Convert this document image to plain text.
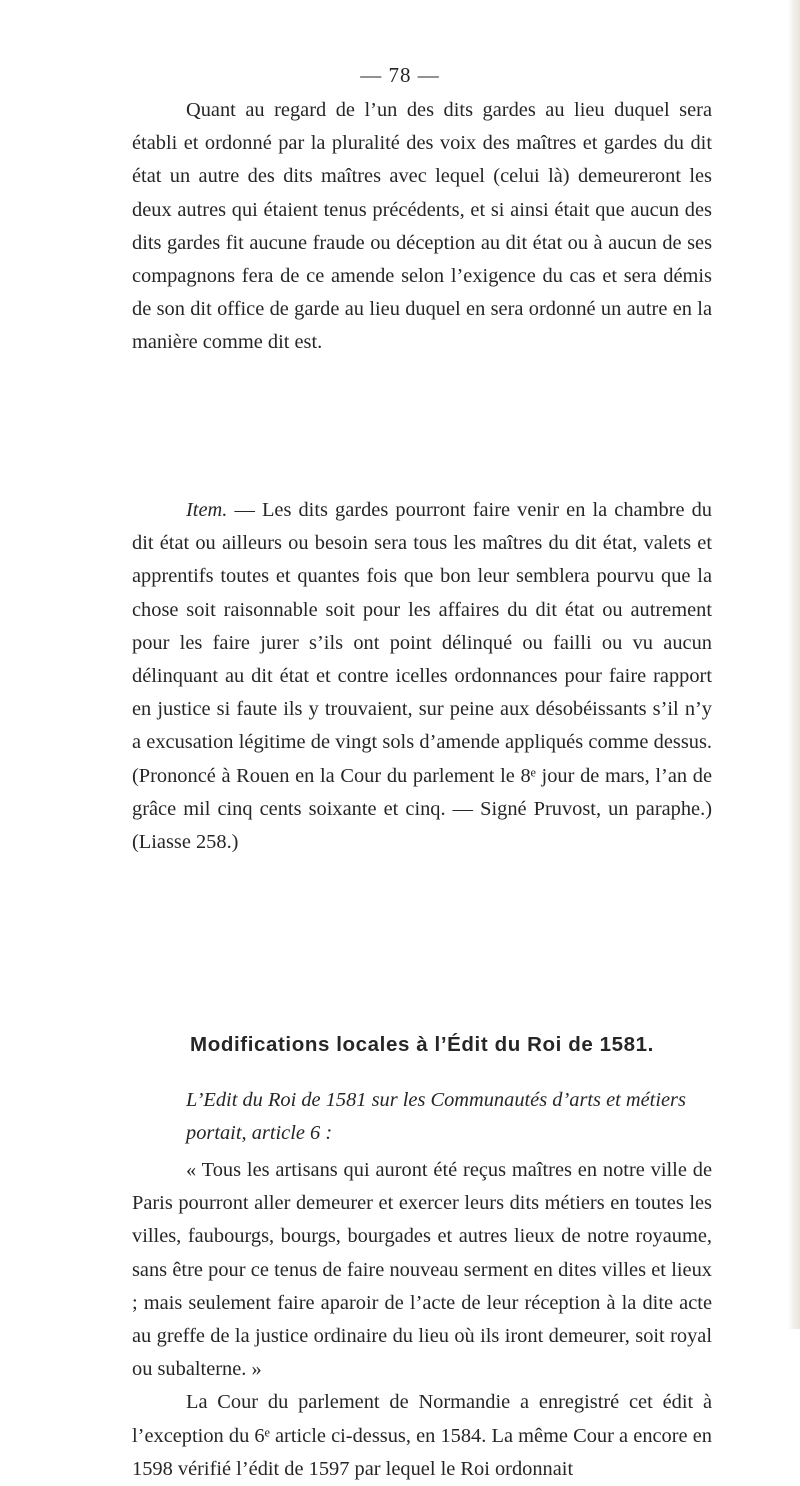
— 78 —

Quant au regard de l’un des dits gardes au lieu duquel sera établi et ordonné par la pluralité des voix des maîtres et gardes du dit état un autre des dits maîtres avec lequel (celui là) demeureront les deux autres qui étaient tenus précédents, et si ainsi était que aucun des dits gardes fit aucune fraude ou déception au dit état ou à aucun de ses compagnons fera de ce amende selon l’exigence du cas et sera démis de son dit office de garde au lieu duquel en sera ordonné un autre en la manière comme dit est.

Item. — Les dits gardes pourront faire venir en la chambre du dit état ou ailleurs ou besoin sera tous les maîtres du dit état, valets et apprentifs toutes et quantes fois que bon leur semblera pourvu que la chose soit raisonnable soit pour les affaires du dit état ou autrement pour les faire jurer s’ils ont point délinqué ou failli ou vu aucun délinquant au dit état et contre icelles ordonnances pour faire rapport en justice si faute ils y trouvaient, sur peine aux désobéissants s’il n’y a excusation légitime de vingt sols d’amende appliqués comme dessus. (Prononcé à Rouen en la Cour du parlement le 8ᵉ jour de mars, l’an de grâce mil cinq cents soixante et cinq. — Signé Pruvost, un paraphe.) (Liasse 258.)

Modifications locales à l’Édit du Roi de 1581.

L’Edit du Roi de 1581 sur les Communautés d’arts et métiers portait, article 6 :

« Tous les artisans qui auront été reçus maîtres en notre ville de Paris pourront aller demeurer et exercer leurs dits métiers en toutes les villes, faubourgs, bourgs, bourgades et autres lieux de notre royaume, sans être pour ce tenus de faire nouveau serment en dites villes et lieux ; mais seulement faire aparoir de l’acte de leur réception à la dite acte au greffe de la justice ordinaire du lieu où ils iront demeurer, soit royal ou subalterne. »
La Cour du parlement de Normandie a enregistré cet édit à l’exception du 6ᵉ article ci-dessus, en 1584. La même Cour a encore en 1598 vérifié l’édit de 1597 par lequel le Roi ordonnait
